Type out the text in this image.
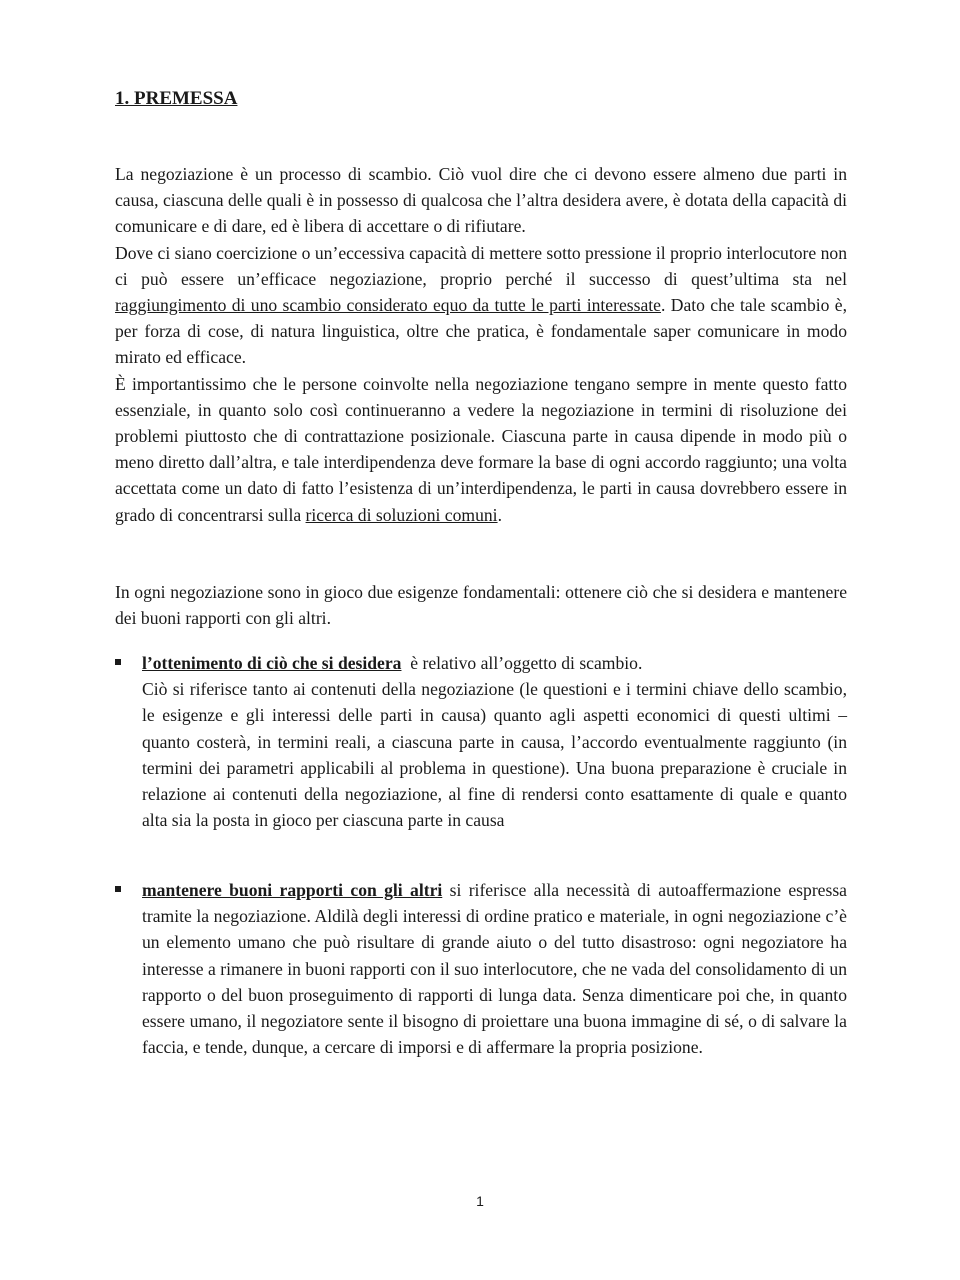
1. PREMESSA

La negoziazione è un processo di scambio. Ciò vuol dire che ci devono essere almeno due parti in causa, ciascuna delle quali è in possesso di qualcosa che l’altra desidera avere, è dotata della capacità di comunicare e di dare, ed è libera di accettare o di rifiutare.

Dove ci siano coercizione o un’eccessiva capacità di mettere sotto pressione il proprio interlocutore non ci può essere un’efficace negoziazione, proprio perché il successo di quest’ultima sta nel raggiungimento di uno scambio considerato equo da tutte le parti interessate. Dato che tale scambio è, per forza di cose, di natura linguistica, oltre che pratica, è fondamentale saper comunicare in modo mirato ed efficace.

È importantissimo che le persone coinvolte nella negoziazione tengano sempre in mente questo fatto essenziale, in quanto solo così continueranno a vedere la negoziazione in termini di risoluzione dei problemi piuttosto che di contrattazione posizionale. Ciascuna parte in causa dipende in modo più o meno diretto dall’altra, e tale interdipendenza deve formare la base di ogni accordo raggiunto; una volta accettata come un dato di fatto l’esistenza di un’interdipendenza, le parti in causa dovrebbero essere in grado di concentrarsi sulla ricerca di soluzioni comuni.

In ogni negoziazione sono in gioco due esigenze fondamentali: ottenere ciò che si desidera e mantenere dei buoni rapporti con gli altri.

l’ottenimento di ciò che si desidera  è relativo all’oggetto di scambio.
Ciò si riferisce tanto ai contenuti della negoziazione (le questioni e i termini chiave dello scambio, le esigenze e gli interessi delle parti in causa) quanto agli aspetti economici di questi ultimi – quanto costerà, in termini reali, a ciascuna parte in causa, l’accordo eventualmente raggiunto (in termini dei parametri applicabili al problema in questione). Una buona preparazione è cruciale in relazione ai contenuti della negoziazione, al fine di rendersi conto esattamente di quale e quanto alta sia la posta in gioco per ciascuna parte in causa
mantenere buoni rapporti con gli altri si riferisce alla necessità di autoaffermazione espressa tramite la negoziazione. Aldilà degli interessi di ordine pratico e materiale, in ogni negoziazione c’è un elemento umano che può risultare di grande aiuto o del tutto disastroso: ogni negoziatore ha interesse a rimanere in buoni rapporti con il suo interlocutore, che ne vada del consolidamento di un rapporto o del buon proseguimento di rapporti di lunga data. Senza dimenticare poi che, in quanto essere umano, il negoziatore sente il bisogno di proiettare una buona immagine di sé, o di salvare la faccia, e tende, dunque, a cercare di imporsi e di affermare la propria posizione.
1
